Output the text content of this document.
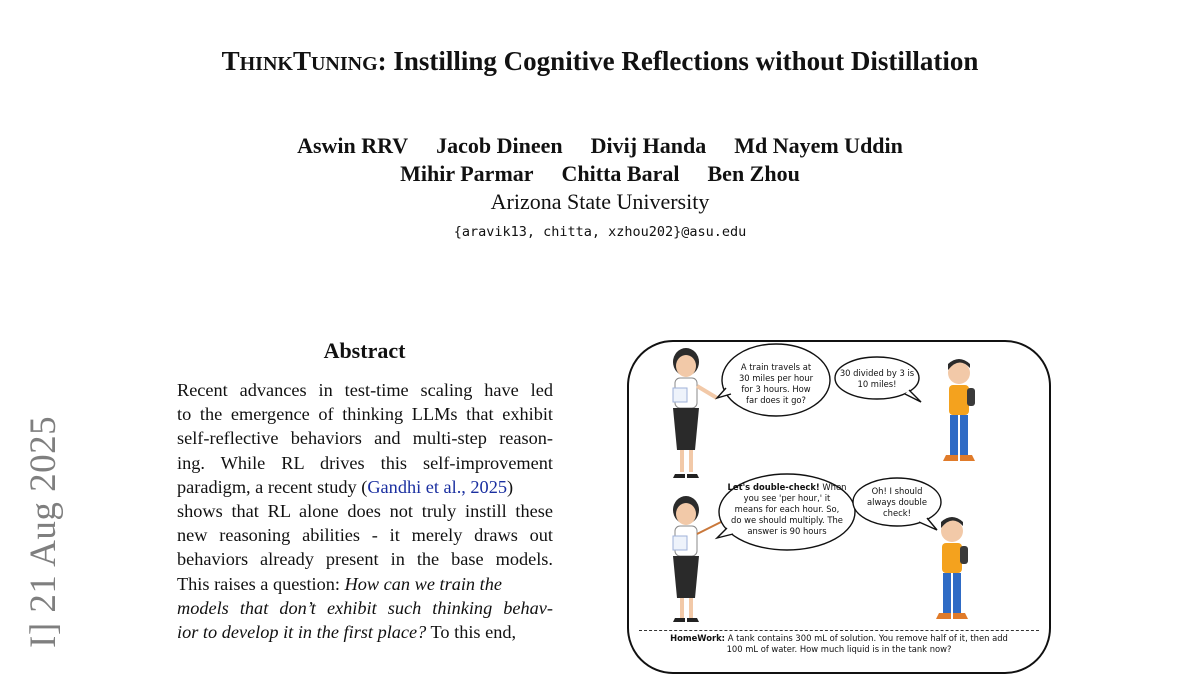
I] 21 Aug 2025
THINKTUNING: Instilling Cognitive Reflections without Distillation
Aswin RRV Jacob Dineen Divij Handa Md Nayem Uddin
Mihir Parmar Chitta Baral Ben Zhou
Arizona State University
{aravik13, chitta, xzhou202}@asu.edu
Abstract
Recent advances in test-time scaling have led
to the emergence of thinking LLMs that exhibit
self-reflective behaviors and multi-step reason-
ing. While RL drives this self-improvement
paradigm, a recent study (Gandhi et al., 2025)
shows that RL alone does not truly instill these
new reasoning abilities - it merely draws out
behaviors already present in the base models.
This raises a question: How can we train the
models that don’t exhibit such thinking behav-
ior to develop it in the first place? To this end,
A train travels at
30 miles per hour
for 3 hours. How
far does it go?
30 divided by 3 is
10 miles!
Let's double-check! When
you see 'per hour,' it
means for each hour. So,
do we should multiply. The
answer is 90 hours
Oh! I should
always double
check!
HomeWork: A tank contains 300 mL of solution. You remove half of it, then add
100 mL of water. How much liquid is in the tank now?
